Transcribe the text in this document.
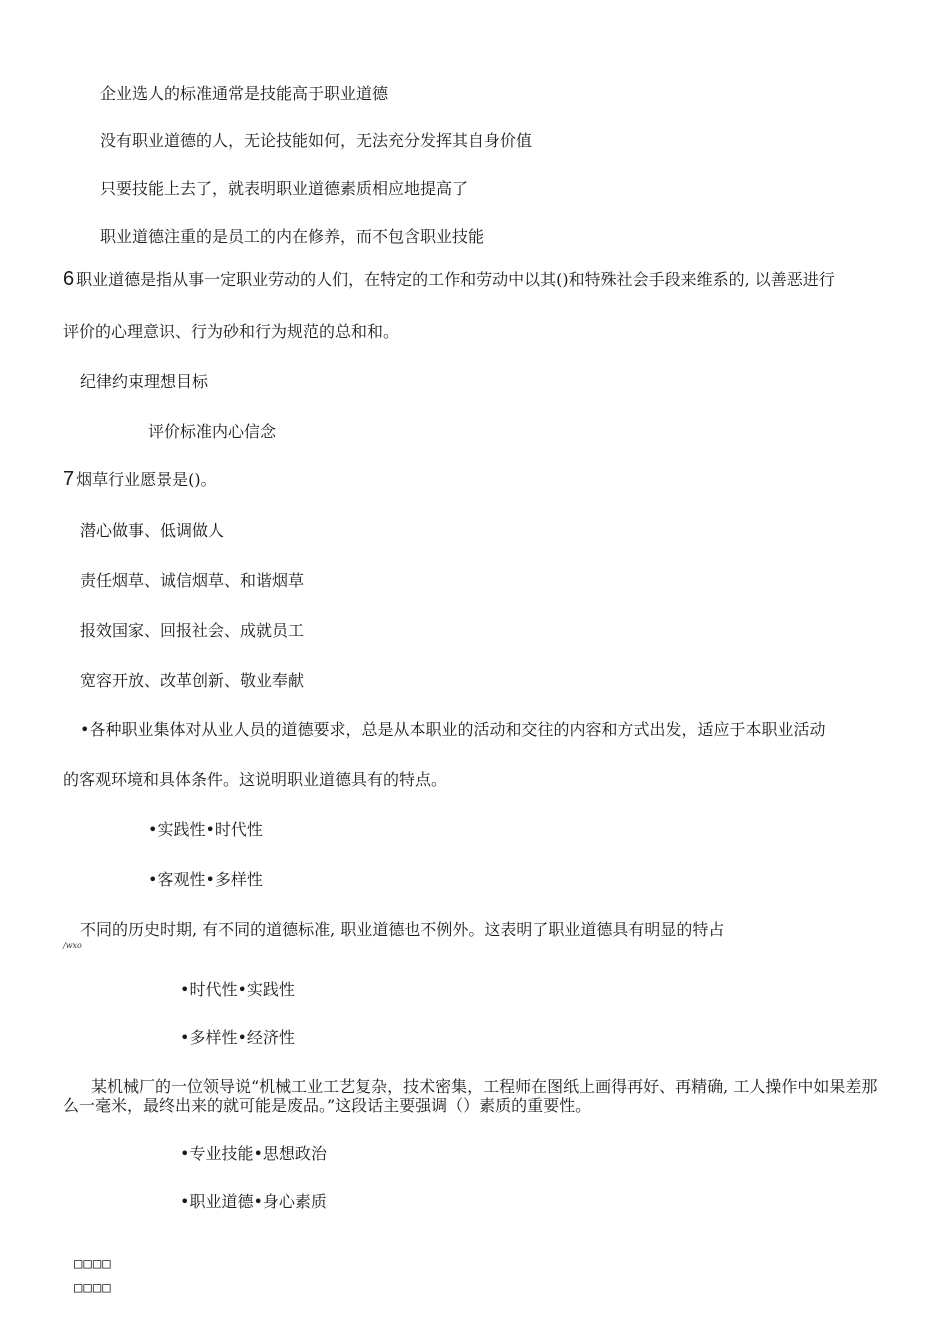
企业选人的标准通常是技能高于职业道德
没有职业道德的人，无论技能如何，无法充分发挥其自身价值
只要技能上去了，就表明职业道德素质相应地提高了
职业道德注重的是员工的内在修养，而不包含职业技能
6 职业道德是指从事一定职业劳动的人们，在特定的工作和劳动中以其()和特殊社会手段来维系的, 以善恶进行
评价的心理意识、行为砂和行为规范的总和和。
纪律约束理想目标
评价标准内心信念
7 烟草行业愿景是()。
潜心做事、低调做人
责任烟草、诚信烟草、和谐烟草
报效国家、回报社会、成就员工
宽容开放、改革创新、敬业奉献
•各种职业集体对从业人员的道德要求，总是从本职业的活动和交往的内容和方式出发，适应于本职业活动
的客观环境和具体条件。这说明职业道德具有的特点。
•实践性•时代性
•客观性•多样性
不同的历史时期, 有不同的道德标准, 职业道德也不例外。这表明了职业道德具有明显的特占
/wxo
•时代性•实践性
•多样性•经济性
某机械厂的一位领导说“机械工业工艺复杂，技术密集，工程师在图纸上画得再好、再精确, 工人操作中如果差那么一毫米，最终出来的就可能是废品。”这段话主要强调（）素质的重要性。
•专业技能•思想政治
•职业道德•身心素质
□□□□
□□□□
